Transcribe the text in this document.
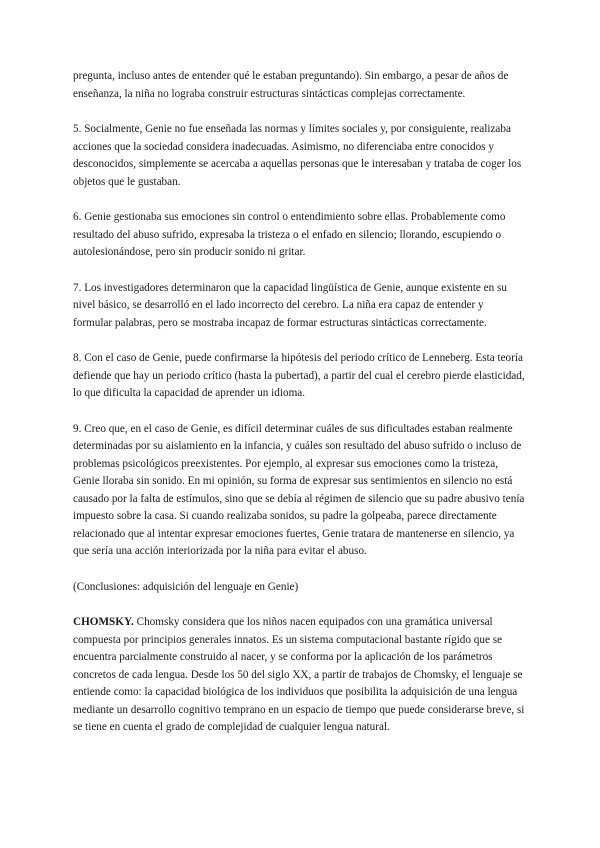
pregunta, incluso antes de entender qué le estaban preguntando). Sin embargo, a pesar de años de enseñanza, la niña no lograba construir estructuras sintácticas complejas correctamente.

5. Socialmente, Genie no fue enseñada las normas y límites sociales y, por consiguiente, realizaba acciones que la sociedad considera inadecuadas. Asimismo, no diferenciaba entre conocidos y desconocidos, simplemente se acercaba a aquellas personas que le interesaban y trataba de coger los objetos que le gustaban.

6. Genie gestionaba sus emociones sin control o entendimiento sobre ellas. Probablemente como resultado del abuso sufrido, expresaba la tristeza o el enfado en silencio; llorando, escupiendo o autolesionándose, pero sin producir sonido ni gritar.

7. Los investigadores determinaron que la capacidad lingüística de Genie, aunque existente en su nivel básico, se desarrolló en el lado incorrecto del cerebro. La niña era capaz de entender y formular palabras, pero se mostraba incapaz de formar estructuras sintácticas correctamente.

8. Con el caso de Genie, puede confirmarse la hipótesis del periodo crítico de Lenneberg. Esta teoría defiende que hay un periodo crítico (hasta la pubertad), a partir del cual el cerebro pierde elasticidad, lo que dificulta la capacidad de aprender un idioma.

9. Creo que, en el caso de Genie, es difícil determinar cuáles de sus dificultades estaban realmente determinadas por su aislamiento en la infancia, y cuáles son resultado del abuso sufrido o incluso de problemas psicológicos preexistentes. Por ejemplo, al expresar sus emociones como la tristeza, Genie lloraba sin sonido. En mi opinión, su forma de expresar sus sentimientos en silencio no está causado por la falta de estímulos, sino que se debía al régimen de silencio que su padre abusivo tenía impuesto sobre la casa. Si cuando realizaba sonidos, su padre la golpeaba, parece directamente relacionado que al intentar expresar emociones fuertes, Genie tratara de mantenerse en silencio, ya que sería una acción interiorizada por la niña para evitar el abuso.

(Conclusiones: adquisición del lenguaje en Genie)

CHOMSKY. Chomsky considera que los niños nacen equipados con una gramática universal compuesta por principios generales innatos. Es un sistema computacional bastante rígido que se encuentra parcialmente construido al nacer, y se conforma por la aplicación de los parámetros concretos de cada lengua. Desde los 50 del siglo XX, a partir de trabajos de Chomsky, el lenguaje se entiende como: la capacidad biológica de los individuos que posibilita la adquisición de una lengua mediante un desarrollo cognitivo temprano en un espacio de tiempo que puede considerarse breve, si se tiene en cuenta el grado de complejidad de cualquier lengua natural.
